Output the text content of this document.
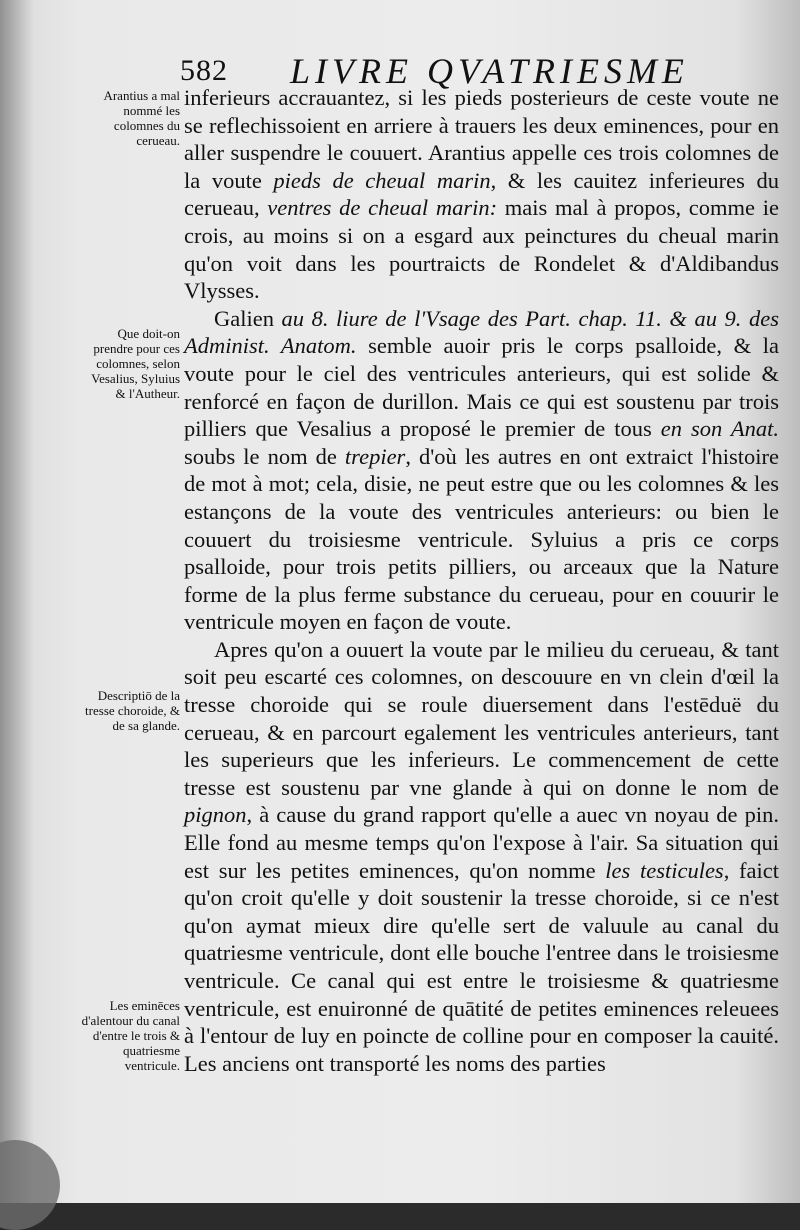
582 LIVRE QVATRIESME
Arantius a mal nommé les colomnes du cerueau.
Que doit-on prendre pour ces colomnes, selon Vesalius, Syluius & l'Autheur.
Descriptiō de la tresse choroide, & de sa glande.
Les eminēces d'alentour du canal d'entre le trois & quatriesme ventricule.

inferieurs accrauantez, si les pieds posterieurs de ceste voute ne se reflechissoient en arriere à trauers les deux eminences, pour en aller suspendre le couuert. Arantius appelle ces trois colomnes de la voute pieds de cheual marin, & les cauitez inferieures du cerueau, ventres de cheual marin: mais mal à propos, comme ie crois, au moins si on a esgard aux peinctures du cheual marin qu'on voit dans les pourtraicts de Rondelet & d'Aldibandus Vlysses.

Galien au 8. liure de l'Vsage des Part. chap. 11. & au 9. des Administ. Anatom. semble auoir pris le corps psalloide, & la voute pour le ciel des ventricules anterieurs, qui est solide & renforcé en façon de durillon. Mais ce qui est soustenu par trois pilliers que Vesalius a proposé le premier de tous en son Anat. soubs le nom de trepier, d'où les autres en ont extraict l'histoire de mot à mot; cela, disie, ne peut estre que ou les colomnes & les estançons de la voute des ventricules anterieurs: ou bien le couuert du troisiesme ventricule. Syluius a pris ce corps psalloide, pour trois petits pilliers, ou arceaux que la Nature forme de la plus ferme substance du cerueau, pour en couurir le ventricule moyen en façon de voute.

Apres qu'on a ouuert la voute par le milieu du cerueau, & tant soit peu escarté ces colomnes, on descouure en vn clein d'œil la tresse choroide qui se roule diuersement dans l'estēduë du cerueau, & en parcourt egalement les ventricules anterieurs, tant les superieurs que les inferieurs. Le commencement de cette tresse est soustenu par vne glande à qui on donne le nom de pignon, à cause du grand rapport qu'elle a auec vn noyau de pin. Elle fond au mesme temps qu'on l'expose à l'air. Sa situation qui est sur les petites eminences, qu'on nomme les testicules, faict qu'on croit qu'elle y doit soustenir la tresse choroide, si ce n'est qu'on aymat mieux dire qu'elle sert de valuule au canal du quatriesme ventricule, dont elle bouche l'entree dans le troisiesme ventricule. Ce canal qui est entre le troisiesme & quatriesme ventricule, est enuironné de quātité de petites eminences releuees à l'entour de luy en poincte de colline pour en composer la cauité. Les anciens ont transporté les noms des parties
